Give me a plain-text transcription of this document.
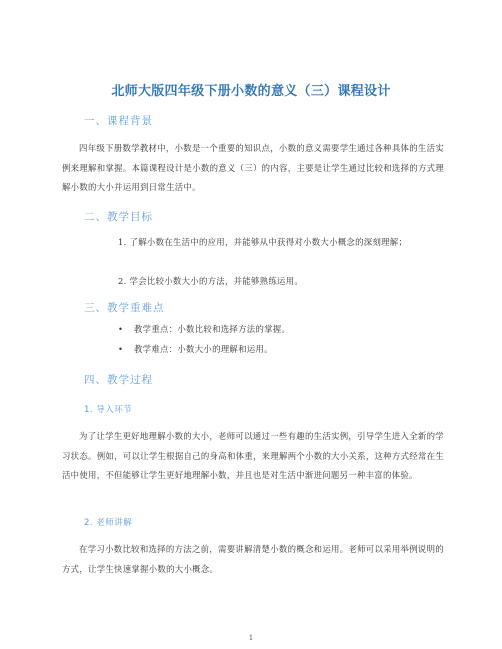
北师大版四年级下册小数的意义（三）课程设计
一、课程背景

四年级下册数学教材中，小数是一个重要的知识点，小数的意义需要学生通过各种具体的生活实例来理解和掌握。本篇课程设计是小数的意义（三）的内容，主要是让学生通过比较和选择的方式理解小数的大小并运用到日常生活中。

二、教学目标

1. 了解小数在生活中的应用，并能够从中获得对小数大小概念的深刻理解；

2. 学会比较小数大小的方法，并能够熟练运用。

三、教学重难点

• 教学重点：小数比较和选择方法的掌握。

• 教学难点：小数大小的理解和运用。

四、教学过程
1. 导入环节

为了让学生更好地理解小数的大小，老师可以通过一些有趣的生活实例，引导学生进入全新的学习状态。例如，可以让学生根据自己的身高和体重，来理解两个小数的大小关系，这种方式经常在生活中使用，不但能够让学生更好地理解小数，并且也是对生活中渐进问题另一种丰富的体验。

2. 老师讲解

在学习小数比较和选择的方法之前，需要讲解清楚小数的概念和运用。老师可以采用举例说明的方式，让学生快速掌握小数的大小概念。

1
